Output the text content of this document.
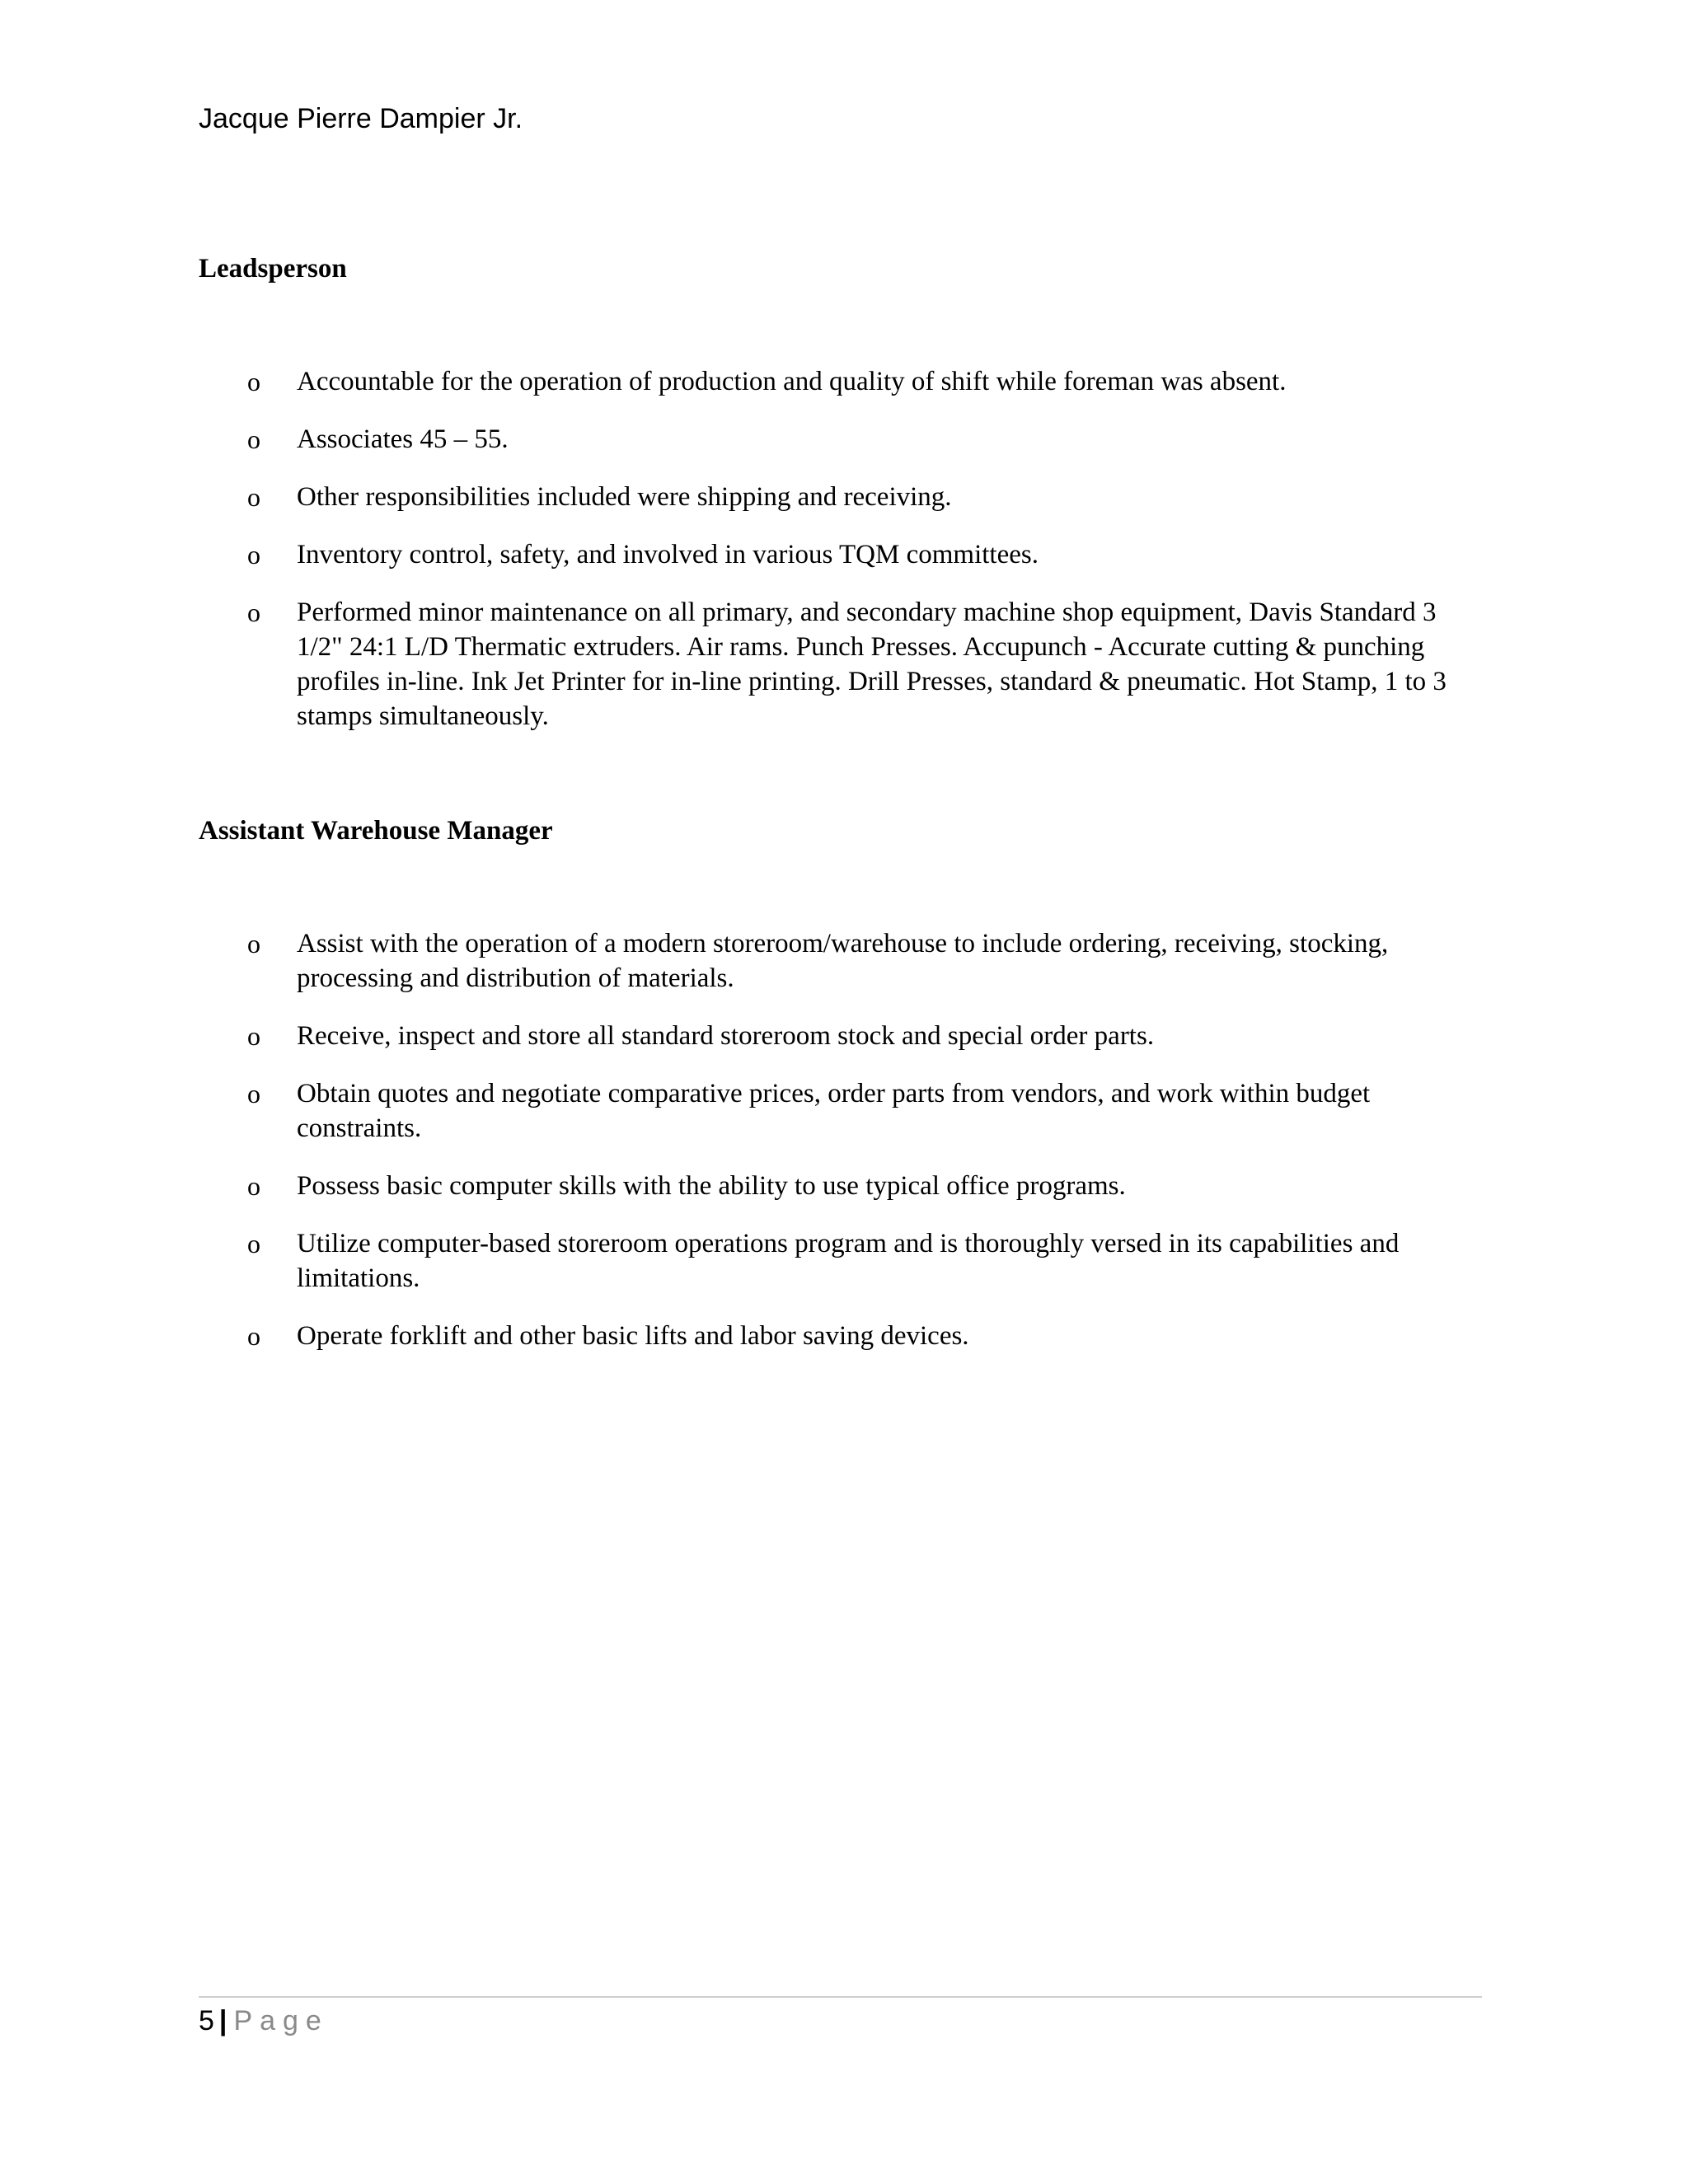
Jacque Pierre Dampier Jr.
Leadsperson
o	Accountable for the operation of production and quality of shift while foreman was absent.
o	Associates 45 – 55.
o	Other responsibilities included were shipping and receiving.
o	Inventory control, safety, and involved in various TQM committees.
o	Performed minor maintenance on all primary, and secondary machine shop equipment, Davis Standard 3 1/2" 24:1 L/D Thermatic extruders. Air rams. Punch Presses. Accupunch - Accurate cutting & punching profiles in-line. Ink Jet Printer for in-line printing. Drill Presses, standard & pneumatic. Hot Stamp, 1 to 3 stamps simultaneously.
Assistant Warehouse Manager
o	Assist with the operation of a modern storeroom/warehouse to include ordering, receiving, stocking, processing and distribution of materials.
o	Receive, inspect and store all standard storeroom stock and special order parts.
o	Obtain quotes and negotiate comparative prices, order parts from vendors, and work within budget constraints.
o	Possess basic computer skills with the ability to use typical office programs.
o	Utilize computer-based storeroom operations program and is thoroughly versed in its capabilities and limitations.
o	Operate forklift and other basic lifts and labor saving devices.
5 | Page
